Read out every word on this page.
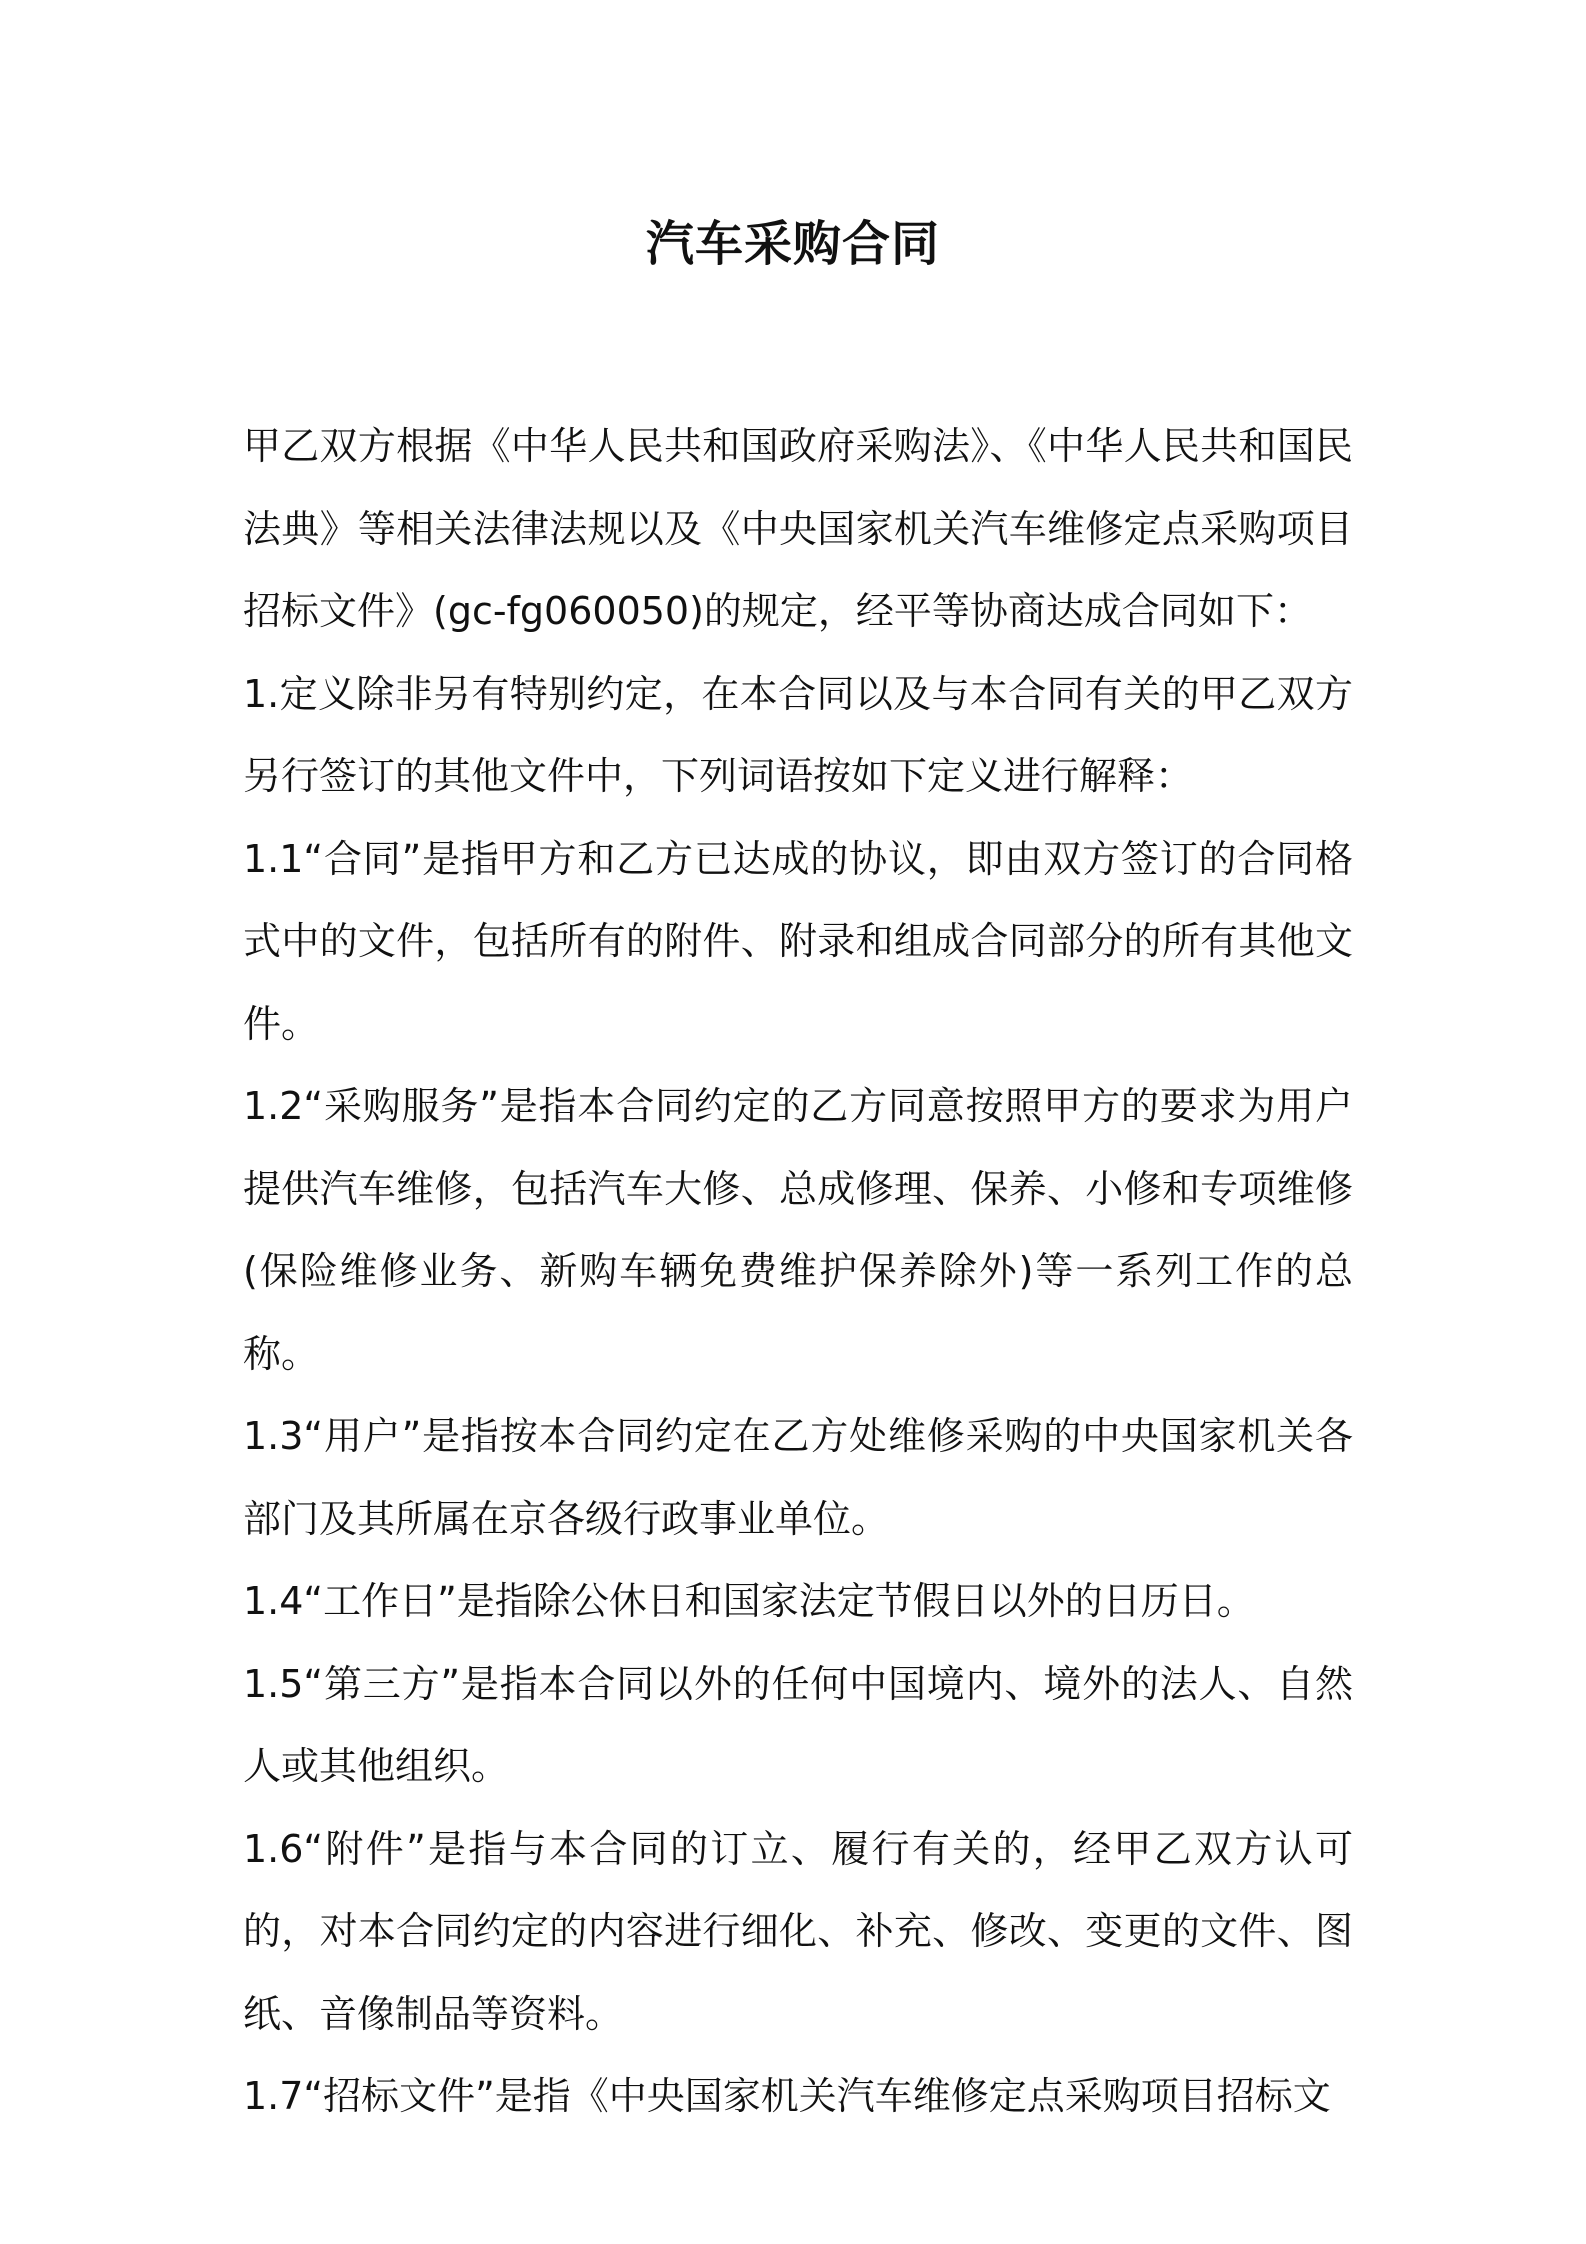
汽车采购合同

甲乙双方根据《中华人民共和国政府采购法》、《中华人民共和国民法典》等相关法律法规以及《中央国家机关汽车维修定点采购项目招标文件》(gc-fg060050)的规定，经平等协商达成合同如下：

1.定义除非另有特别约定，在本合同以及与本合同有关的甲乙双方另行签订的其他文件中，下列词语按如下定义进行解释：

1.1“合同”是指甲方和乙方已达成的协议，即由双方签订的合同格式中的文件，包括所有的附件、附录和组成合同部分的所有其他文件。

1.2“采购服务”是指本合同约定的乙方同意按照甲方的要求为用户提供汽车维修，包括汽车大修、总成修理、保养、小修和专项维修(保险维修业务、新购车辆免费维护保养除外)等一系列工作的总称。

1.3“用户”是指按本合同约定在乙方处维修采购的中央国家机关各部门及其所属在京各级行政事业单位。

1.4“工作日”是指除公休日和国家法定节假日以外的日历日。

1.5“第三方”是指本合同以外的任何中国境内、境外的法人、自然人或其他组织。

1.6“附件”是指与本合同的订立、履行有关的，经甲乙双方认可的，对本合同约定的内容进行细化、补充、修改、变更的文件、图纸、音像制品等资料。

1.7“招标文件”是指《中央国家机关汽车维修定点采购项目招标文
